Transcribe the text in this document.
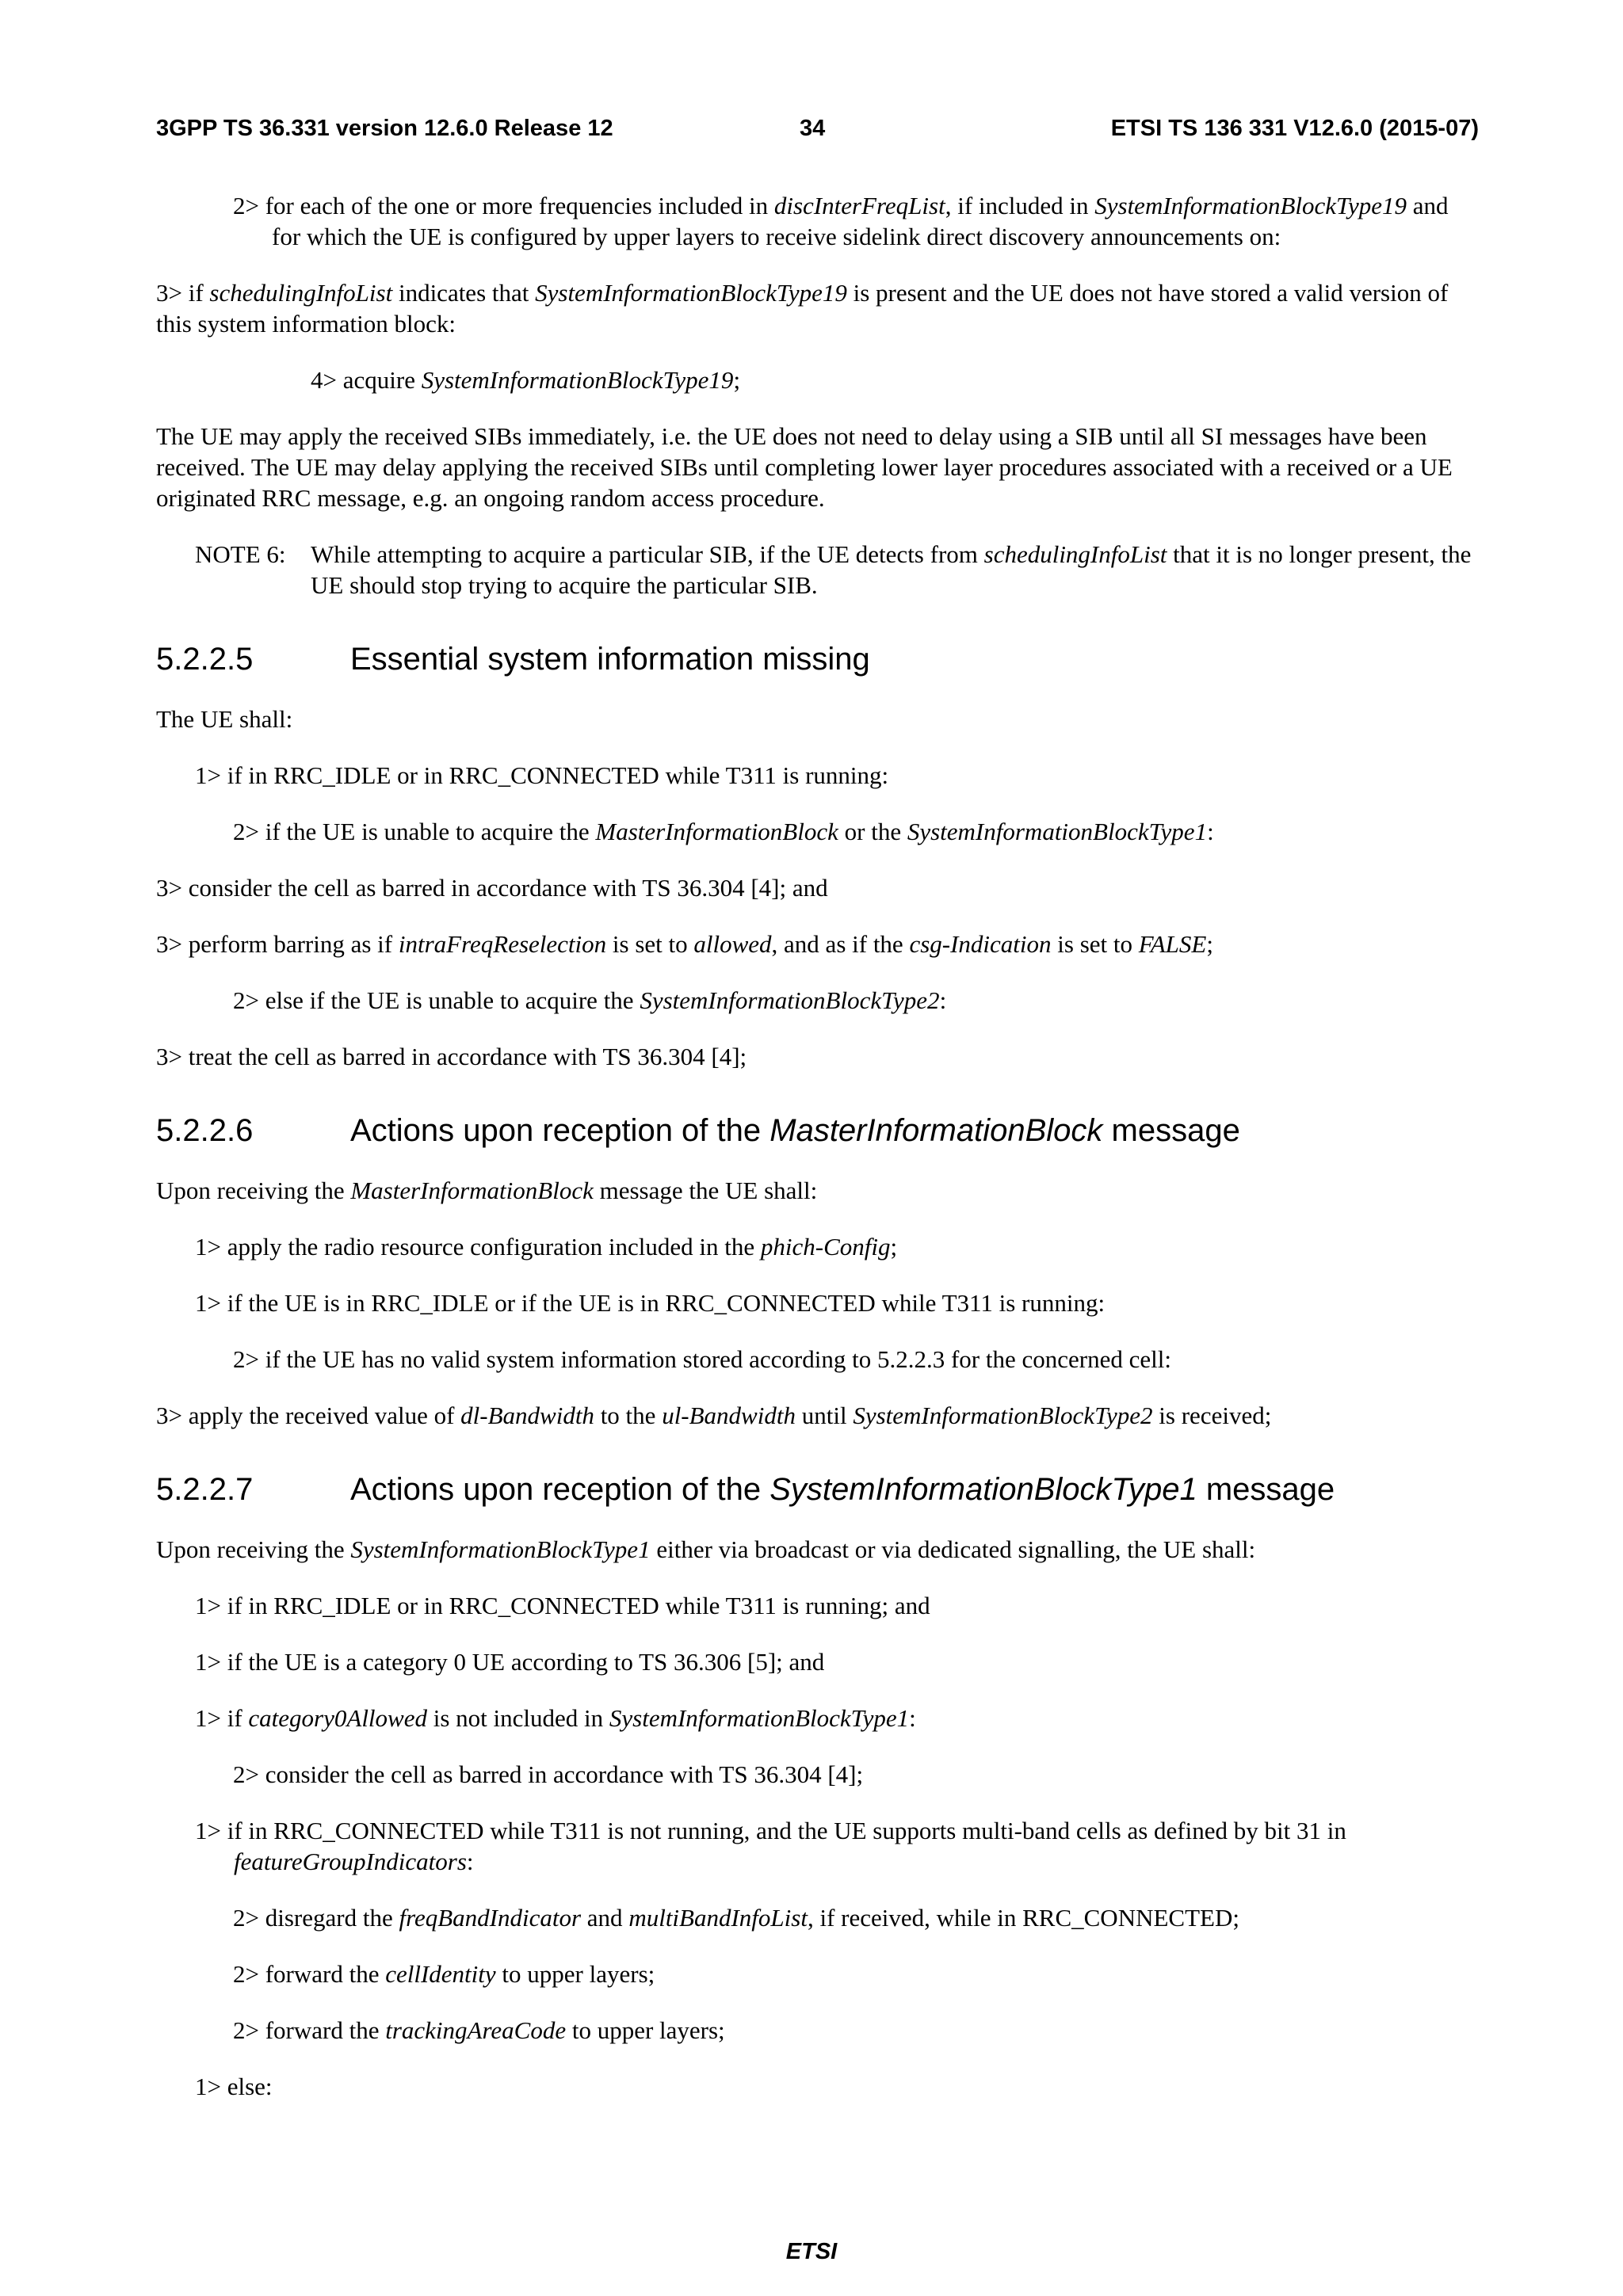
3GPP TS 36.331 version 12.6.0 Release 12	34	ETSI TS 136 331 V12.6.0 (2015-07)

2> for each of the one or more frequencies included in discInterFreqList, if included in SystemInformationBlockType19 and for which the UE is configured by upper layers to receive sidelink direct discovery announcements on:

3> if schedulingInfoList indicates that SystemInformationBlockType19 is present and the UE does not have stored a valid version of this system information block:

4> acquire SystemInformationBlockType19;

The UE may apply the received SIBs immediately, i.e. the UE does not need to delay using a SIB until all SI messages have been received. The UE may delay applying the received SIBs until completing lower layer procedures associated with a received or a UE originated RRC message, e.g. an ongoing random access procedure.

NOTE 6: While attempting to acquire a particular SIB, if the UE detects from schedulingInfoList that it is no longer present, the UE should stop trying to acquire the particular SIB.

5.2.2.5	Essential system information missing

The UE shall:

1> if in RRC_IDLE or in RRC_CONNECTED while T311 is running:

2> if the UE is unable to acquire the MasterInformationBlock or the SystemInformationBlockType1:

3> consider the cell as barred in accordance with TS 36.304 [4]; and

3> perform barring as if intraFreqReselection is set to allowed, and as if the csg-Indication is set to FALSE;

2> else if the UE is unable to acquire the SystemInformationBlockType2:

3> treat the cell as barred in accordance with TS 36.304 [4];

5.2.2.6	Actions upon reception of the MasterInformationBlock message

Upon receiving the MasterInformationBlock message the UE shall:

1> apply the radio resource configuration included in the phich-Config;

1> if the UE is in RRC_IDLE or if the UE is in RRC_CONNECTED while T311 is running:

2> if the UE has no valid system information stored according to 5.2.2.3 for the concerned cell:

3> apply the received value of dl-Bandwidth to the ul-Bandwidth until SystemInformationBlockType2 is received;

5.2.2.7	Actions upon reception of the SystemInformationBlockType1 message

Upon receiving the SystemInformationBlockType1 either via broadcast or via dedicated signalling, the UE shall:

1> if in RRC_IDLE or in RRC_CONNECTED while T311 is running; and

1> if the UE is a category 0 UE according to TS 36.306 [5]; and

1> if category0Allowed is not included in SystemInformationBlockType1:

2> consider the cell as barred in accordance with TS 36.304 [4];

1> if in RRC_CONNECTED while T311 is not running, and the UE supports multi-band cells as defined by bit 31 in featureGroupIndicators:

2> disregard the freqBandIndicator and multiBandInfoList, if received, while in RRC_CONNECTED;

2> forward the cellIdentity to upper layers;

2> forward the trackingAreaCode to upper layers;

1> else:

ETSI
